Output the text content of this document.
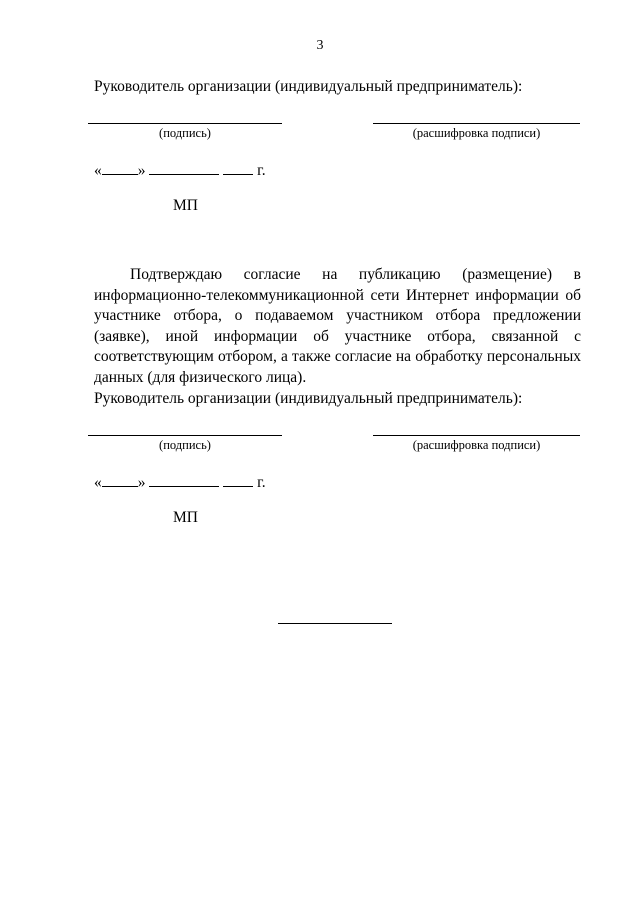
3
Руководитель организации (индивидуальный предприниматель):
(подпись)	(расшифровка подписи)
« »	г.
МП
Подтверждаю согласие на публикацию (размещение) в информационно-телекоммуникационной сети Интернет информации об участнике отбора, о подаваемом участником отбора предложении (заявке), иной информации об участнике отбора, связанной с соответствующим отбором, а также согласие на обработку персональных данных (для физического лица).
Руководитель организации (индивидуальный предприниматель):
(подпись)	(расшифровка подписи)
« »	г.
МП
